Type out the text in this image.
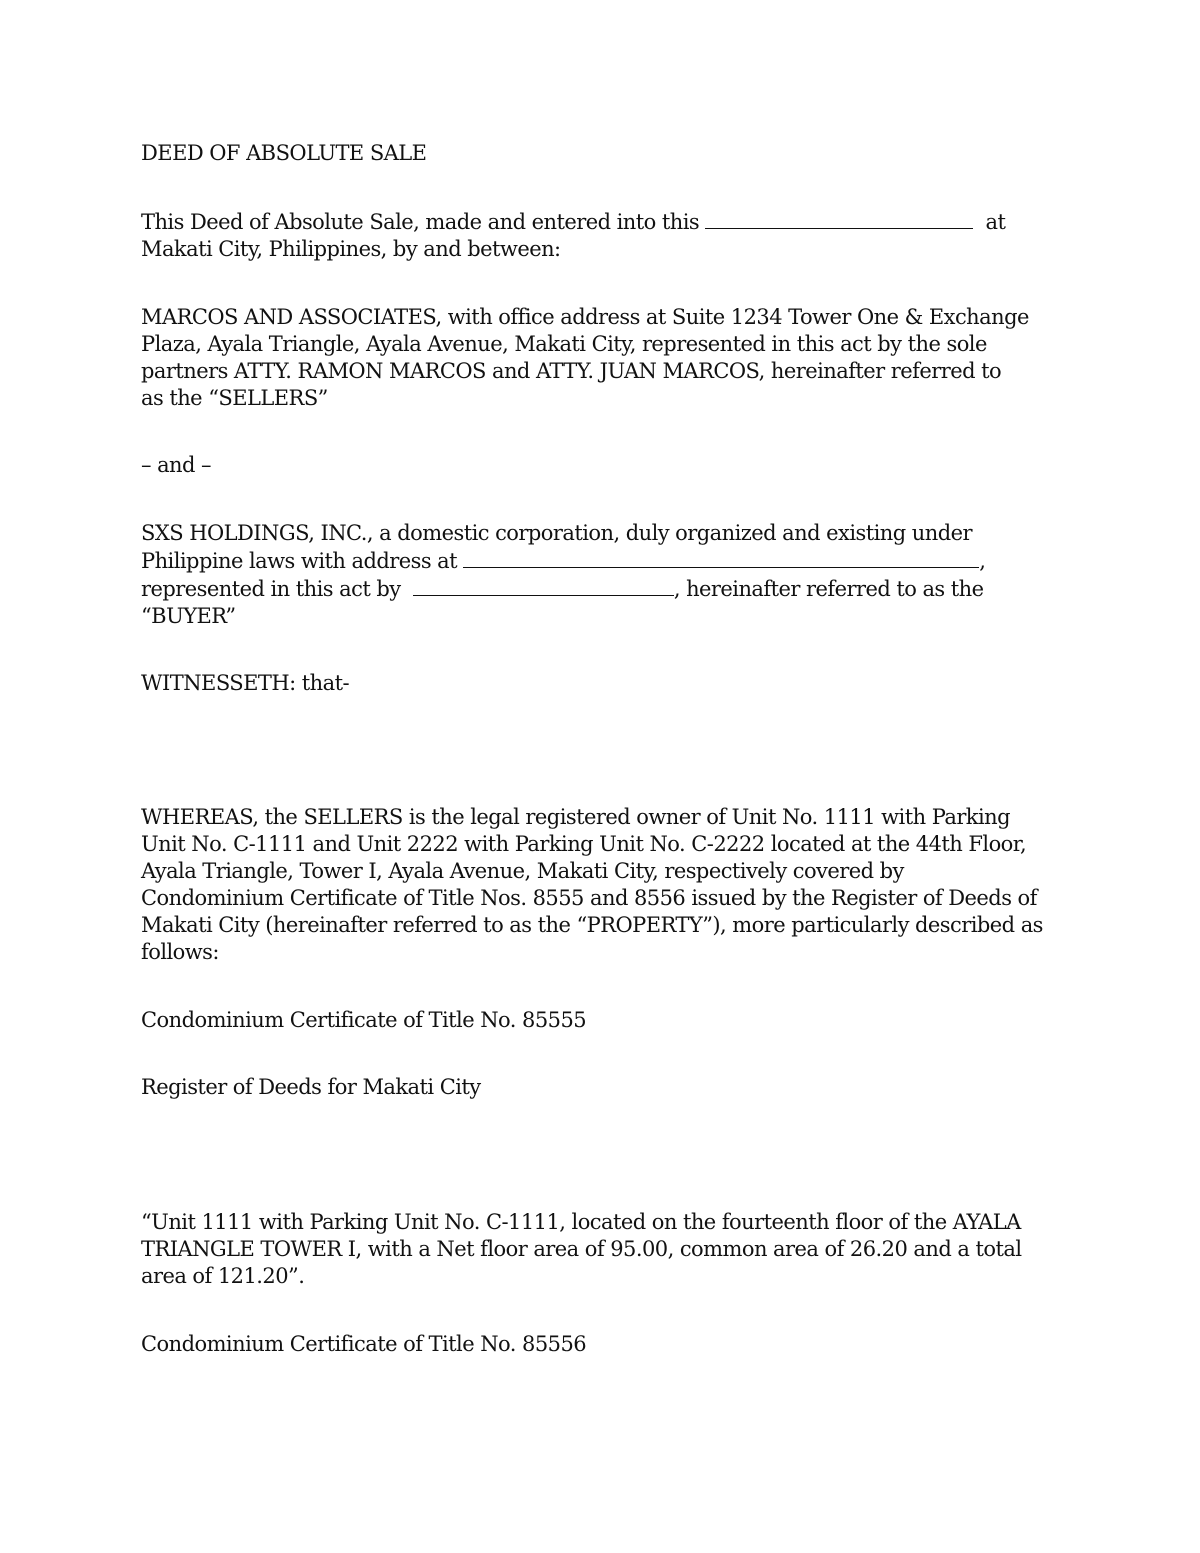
DEED OF ABSOLUTE SALE

This Deed of Absolute Sale, made and entered into this	at
Makati City, Philippines, by and between:
MARCOS AND ASSOCIATES, with office address at Suite 1234 Tower One & Exchange
Plaza, Ayala Triangle, Ayala Avenue, Makati City, represented in this act by the sole
partners ATTY. RAMON MARCOS and ATTY. JUAN MARCOS, hereinafter referred to
as the “SELLERS”

– and –

SXS HOLDINGS, INC., a domestic corporation, duly organized and existing under
Philippine laws with address at	,
represented in this act by	, hereinafter referred to as the
“BUYER”

WITNESSETH: that-

WHEREAS, the SELLERS is the legal registered owner of Unit No. 1111 with Parking
Unit No. C-1111 and Unit 2222 with Parking Unit No. C-2222 located at the 44th Floor,
Ayala Triangle, Tower I, Ayala Avenue, Makati City, respectively covered by
Condominium Certificate of Title Nos. 8555 and 8556 issued by the Register of Deeds of
Makati City (hereinafter referred to as the “PROPERTY”), more particularly described as
follows:

Condominium Certificate of Title No. 85555

Register of Deeds for Makati City

“Unit 1111 with Parking Unit No. C-1111, located on the fourteenth floor of the AYALA
TRIANGLE TOWER I, with a Net floor area of 95.00, common area of 26.20 and a total
area of 121.20”.

Condominium Certificate of Title No. 85556
